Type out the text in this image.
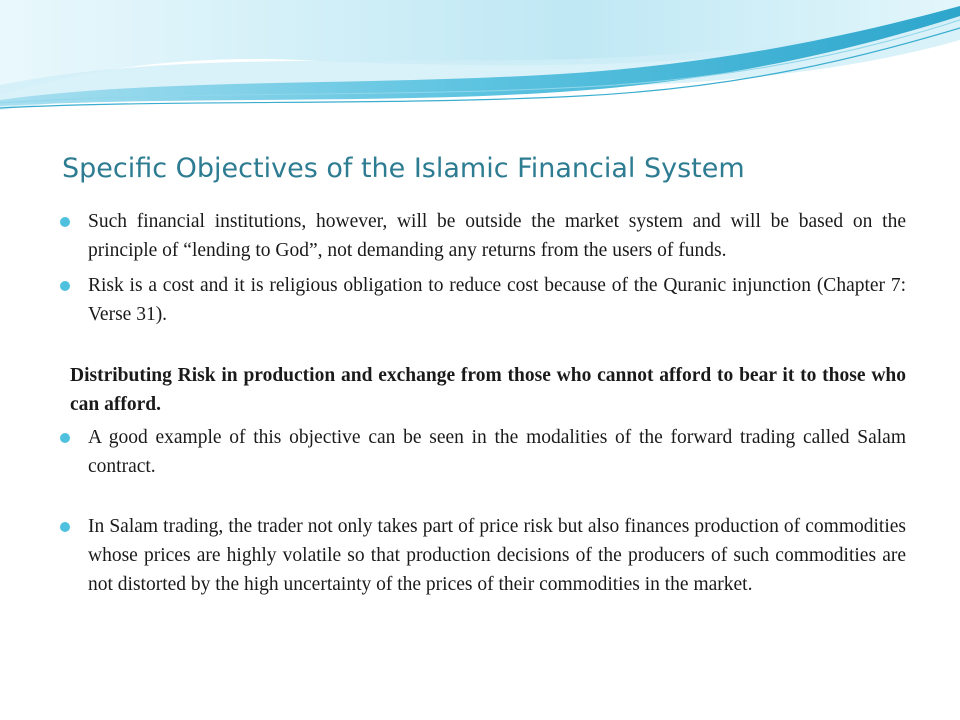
Specific Objectives of the Islamic Financial System

Such financial institutions, however, will be outside the market system and will be based on the principle of “lending to God”, not demanding any returns from the users of funds.

Risk is a cost and it is religious obligation to reduce cost because of the Quranic injunction (Chapter 7: Verse 31).

Distributing Risk in production and exchange from those who cannot afford to bear it to those who can afford.

A good example of this objective can be seen in the modalities of the forward trading called Salam contract.

In Salam trading, the trader not only takes part of price risk but also finances production of commodities whose prices are highly volatile so that production decisions of the producers of such commodities are not distorted by the high uncertainty of the prices of their commodities in the market.
